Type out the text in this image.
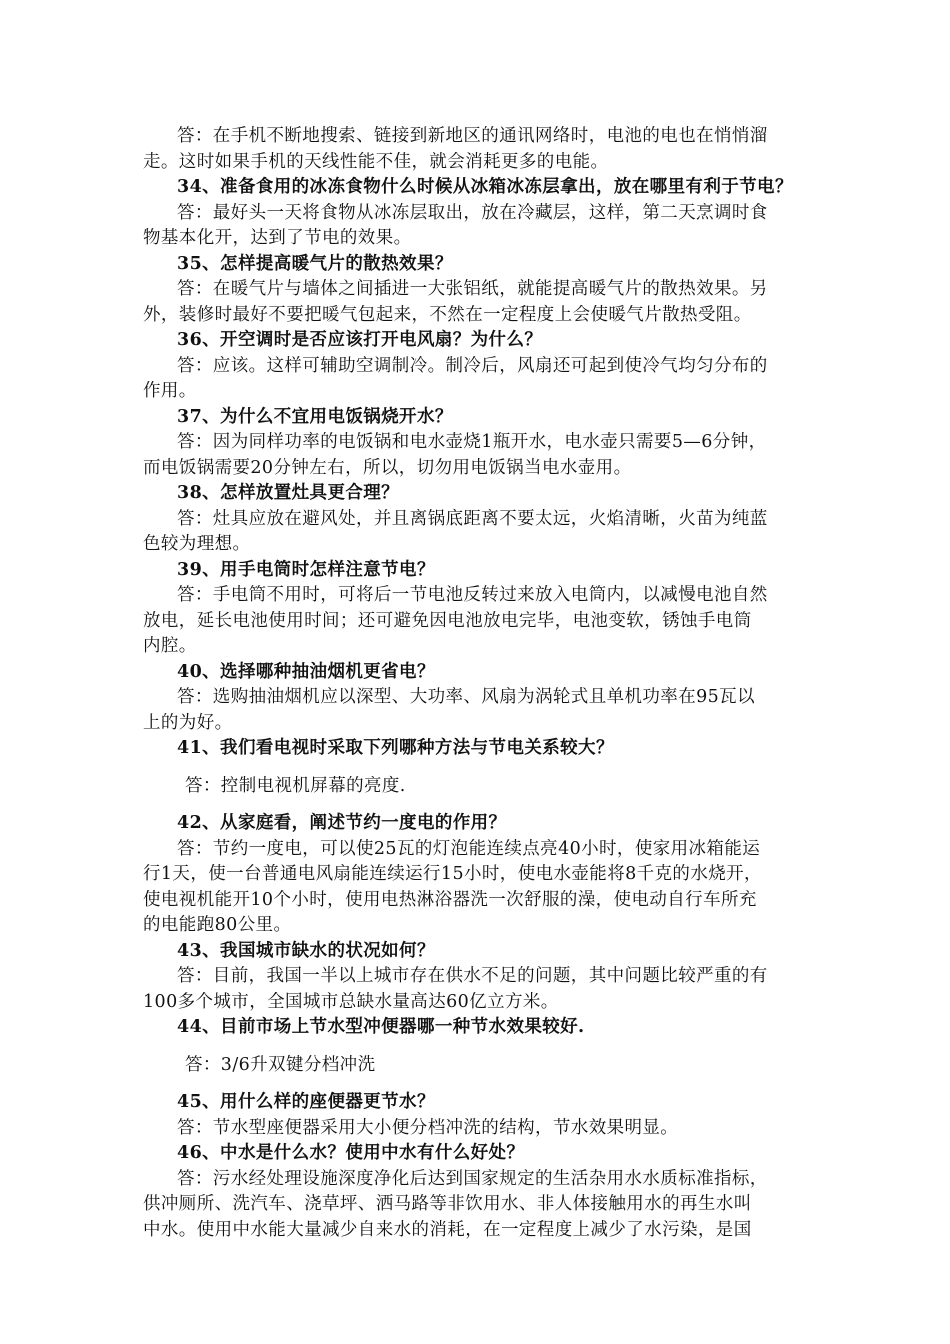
答：在手机不断地搜索、链接到新地区的通讯网络时，电池的电也在悄悄溜
走。这时如果手机的天线性能不佳，就会消耗更多的电能。
34、准备食用的冰冻食物什么时候从冰箱冰冻层拿出，放在哪里有利于节电？
答：最好头一天将食物从冰冻层取出，放在冷藏层，这样，第二天烹调时食
物基本化开，达到了节电的效果。
35、怎样提高暖气片的散热效果？
答：在暖气片与墙体之间插进一大张铝纸，就能提高暖气片的散热效果。另
外，装修时最好不要把暖气包起来，不然在一定程度上会使暖气片散热受阻。
36、开空调时是否应该打开电风扇？为什么？
答：应该。这样可辅助空调制冷。制冷后，风扇还可起到使冷气均匀分布的
作用。
37、为什么不宜用电饭锅烧开水？
答：因为同样功率的电饭锅和电水壶烧1瓶开水，电水壶只需要5—6分钟，
而电饭锅需要20分钟左右，所以，切勿用电饭锅当电水壶用。
38、怎样放置灶具更合理？
答：灶具应放在避风处，并且离锅底距离不要太远，火焰清晰，火苗为纯蓝
色较为理想。
39、用手电筒时怎样注意节电？
答：手电筒不用时，可将后一节电池反转过来放入电筒内，以减慢电池自然
放电，延长电池使用时间；还可避免因电池放电完毕，电池变软，锈蚀手电筒
内腔。
40、选择哪种抽油烟机更省电？
答：选购抽油烟机应以深型、大功率、风扇为涡轮式且单机功率在95瓦以
上的为好。
41、我们看电视时采取下列哪种方法与节电关系较大？
答：控制电视机屏幕的亮度.
42、从家庭看，阐述节约一度电的作用？
答：节约一度电，可以使25瓦的灯泡能连续点亮40小时，使家用冰箱能运
行1天，使一台普通电风扇能连续运行15小时，使电水壶能将8千克的水烧开，
使电视机能开10个小时，使用电热淋浴器洗一次舒服的澡，使电动自行车所充
的电能跑80公里。
43、我国城市缺水的状况如何？
答：目前，我国一半以上城市存在供水不足的问题，其中问题比较严重的有
100多个城市，全国城市总缺水量高达60亿立方米。
44、目前市场上节水型冲便器哪一种节水效果较好.
答：3/6升双键分档冲洗
45、用什么样的座便器更节水？
答：节水型座便器采用大小便分档冲洗的结构，节水效果明显。
46、中水是什么水？使用中水有什么好处？
答：污水经处理设施深度净化后达到国家规定的生活杂用水水质标准指标，
供冲厕所、洗汽车、浇草坪、洒马路等非饮用水、非人体接触用水的再生水叫
中水。使用中水能大量减少自来水的消耗，在一定程度上减少了水污染，是国
